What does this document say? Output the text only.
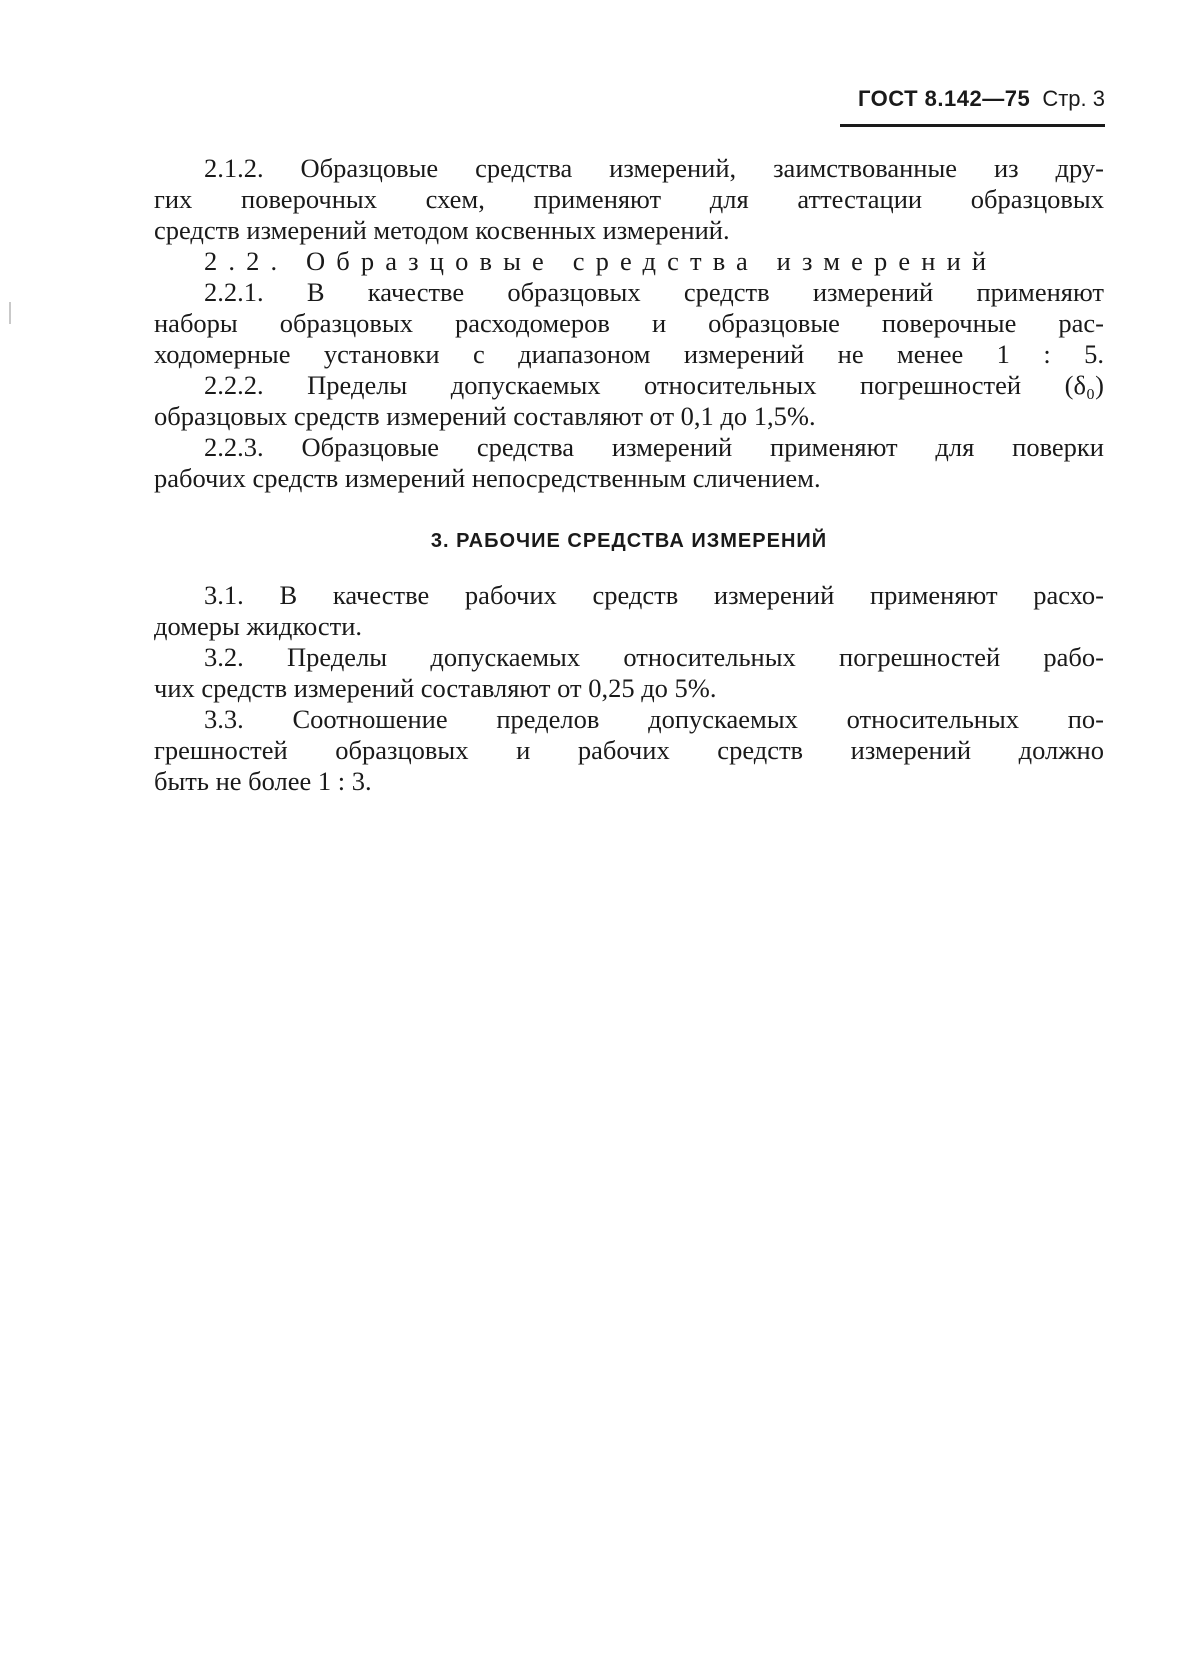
ГОСТ 8.142—75 Стр. 3
2.1.2. Образцовые средства измерений, заимствованные из дру-
гих поверочных схем, применяют для аттестации образцовых
средств измерений методом косвенных измерений.
2.2. Образцовые средства измерений
2.2.1. В качестве образцовых средств измерений применяют
наборы образцовых расходомеров и образцовые поверочные рас-
ходомерные установки с диапазоном измерений не менее 1 : 5.
2.2.2. Пределы допускаемых относительных погрешностей (δ₀)
образцовых средств измерений составляют от 0,1 до 1,5%.
2.2.3. Образцовые средства измерений применяют для поверки
рабочих средств измерений непосредственным сличением.
3. РАБОЧИЕ СРЕДСТВА ИЗМЕРЕНИЙ
3.1. В качестве рабочих средств измерений применяют расхо-
домеры жидкости.
3.2. Пределы допускаемых относительных погрешностей рабо-
чих средств измерений составляют от 0,25 до 5%.
3.3. Соотношение пределов допускаемых относительных по-
грешностей образцовых и рабочих средств измерений должно
быть не более 1 : 3.
